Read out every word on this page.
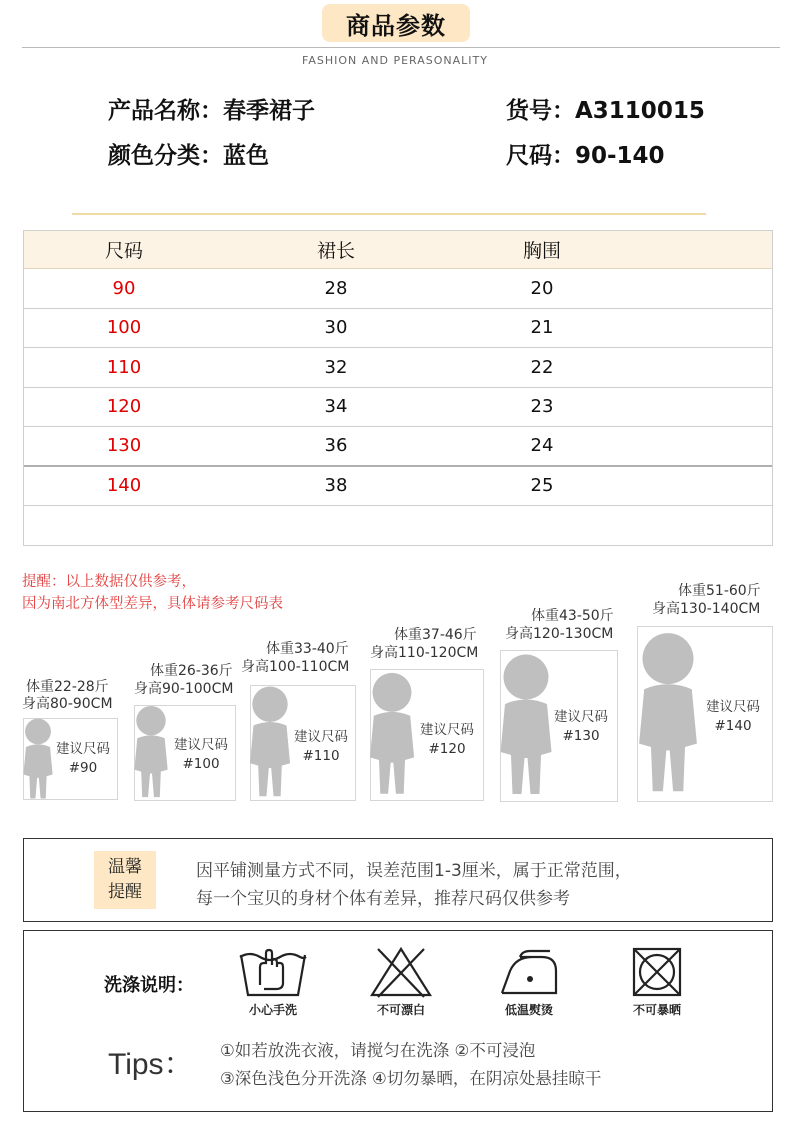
商品参数
FASHION AND PERASONALITY
产品名称：春季裙子	货号：A3110015
颜色分类：蓝色	尺码：90-140
尺码	裙长	胸围
90	28	20
100	30	21
110	32	22
120	34	23
130	36	24
140	38	25
提醒：以上数据仅供参考，
因为南北方体型差异，具体请参考尺码表
体重22-28斤
身高80-90CM
建议尺码
#90
体重26-36斤
身高90-100CM
建议尺码
#100
体重33-40斤
身高100-110CM
建议尺码
#110
体重37-46斤
身高110-120CM
建议尺码
#120
体重43-50斤
身高120-130CM
建议尺码
#130
体重51-60斤
身高130-140CM
建议尺码
#140
温馨
提醒
因平铺测量方式不同，误差范围1-3厘米，属于正常范围，
每一个宝贝的身材个体有差异，推荐尺码仅供参考
洗涤说明：
小心手洗	不可漂白	低温熨烫	不可暴晒
Tips： ①如若放洗衣液，请搅匀在洗涤 ②不可浸泡
③深色浅色分开洗涤 ④切勿暴晒，在阴凉处悬挂晾干
